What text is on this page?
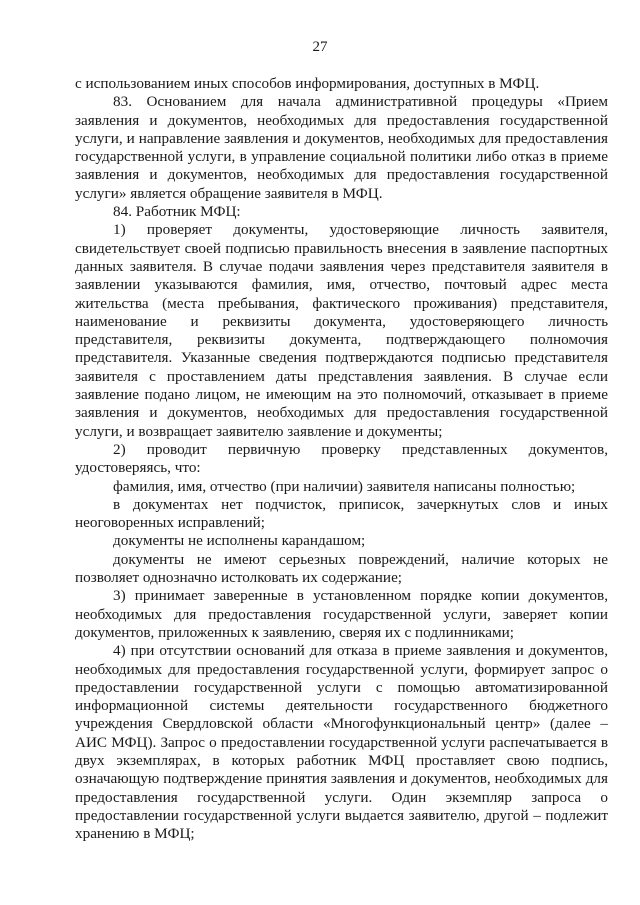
27

с использованием иных способов информирования, доступных в МФЦ.

83. Основанием для начала административной процедуры «Прием заявления и документов, необходимых для предоставления государственной услуги, и направление заявления и документов, необходимых для предоставления государственной услуги, в управление социальной политики либо отказ в приеме заявления и документов, необходимых для предоставления государственной услуги» является обращение заявителя в МФЦ.

84. Работник МФЦ:

1) проверяет документы, удостоверяющие личность заявителя, свидетельствует своей подписью правильность внесения в заявление паспортных данных заявителя. В случае подачи заявления через представителя заявителя в заявлении указываются фамилия, имя, отчество, почтовый адрес места жительства (места пребывания, фактического проживания) представителя, наименование и реквизиты документа, удостоверяющего личность представителя, реквизиты документа, подтверждающего полномочия представителя. Указанные сведения подтверждаются подписью представителя заявителя с проставлением даты представления заявления. В случае если заявление подано лицом, не имеющим на это полномочий, отказывает в приеме заявления и документов, необходимых для предоставления государственной услуги, и возвращает заявителю заявление и документы;

2) проводит первичную проверку представленных документов, удостоверяясь, что:

фамилия, имя, отчество (при наличии) заявителя написаны полностью;

в документах нет подчисток, приписок, зачеркнутых слов и иных неоговоренных исправлений;

документы не исполнены карандашом;

документы не имеют серьезных повреждений, наличие которых не позволяет однозначно истолковать их содержание;

3) принимает заверенные в установленном порядке копии документов, необходимых для предоставления государственной услуги, заверяет копии документов, приложенных к заявлению, сверяя их с подлинниками;

4) при отсутствии оснований для отказа в приеме заявления и документов, необходимых для предоставления государственной услуги, формирует запрос о предоставлении государственной услуги с помощью автоматизированной информационной системы деятельности государственного бюджетного учреждения Свердловской области «Многофункциональный центр» (далее – АИС МФЦ). Запрос о предоставлении государственной услуги распечатывается в двух экземплярах, в которых работник МФЦ проставляет свою подпись, означающую подтверждение принятия заявления и документов, необходимых для предоставления государственной услуги. Один экземпляр запроса о предоставлении государственной услуги выдается заявителю, другой – подлежит хранению в МФЦ;
